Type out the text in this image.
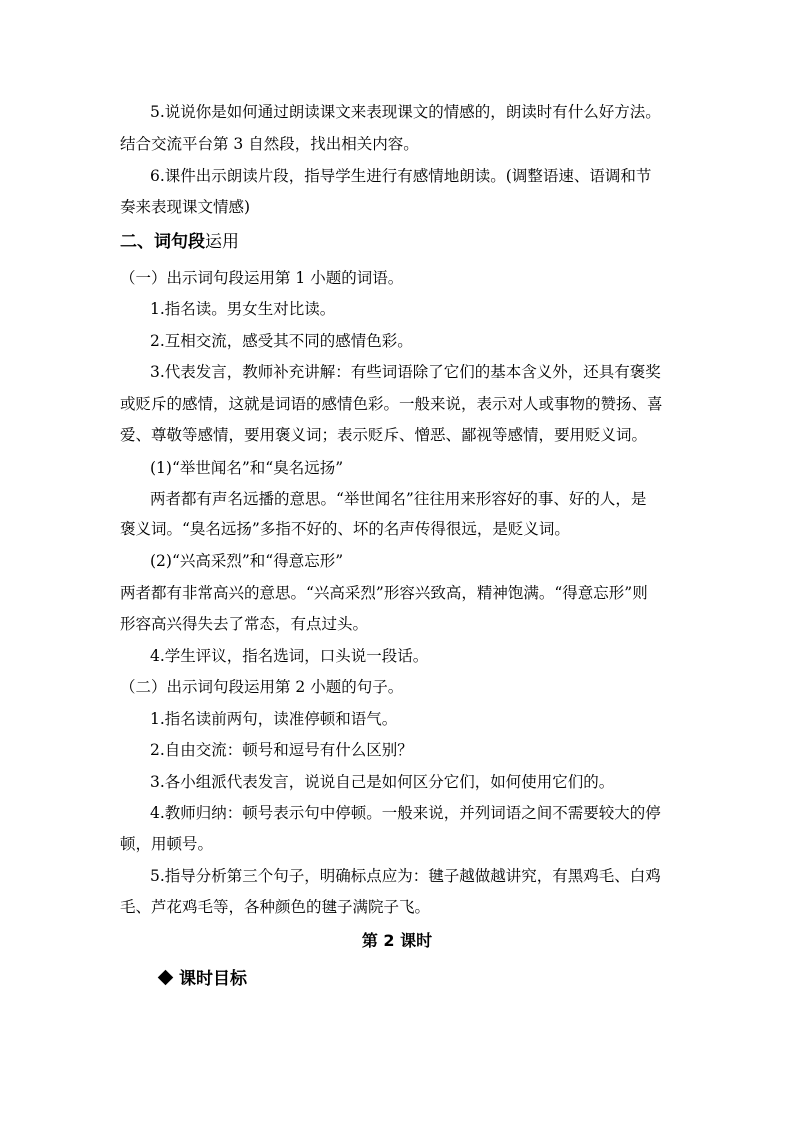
5.说说你是如何通过朗读课文来表现课文的情感的，朗读时有什么好方法。
结合交流平台第 3 自然段，找出相关内容。
6.课件出示朗读片段，指导学生进行有感情地朗读。(调整语速、语调和节
奏来表现课文情感)
二、词句段运用
（一）出示词句段运用第 1 小题的词语。
1.指名读。男女生对比读。
2.互相交流，感受其不同的感情色彩。
3.代表发言，教师补充讲解：有些词语除了它们的基本含义外，还具有褒奖
或贬斥的感情，这就是词语的感情色彩。一般来说，表示对人或事物的赞扬、喜
爱、尊敬等感情，要用褒义词；表示贬斥、憎恶、鄙视等感情，要用贬义词。
(1)“举世闻名”和“臭名远扬”
两者都有声名远播的意思。“举世闻名”往往用来形容好的事、好的人，是
褒义词。“臭名远扬”多指不好的、坏的名声传得很远，是贬义词。
(2)“兴高采烈”和“得意忘形”
两者都有非常高兴的意思。“兴高采烈”形容兴致高，精神饱满。“得意忘形”则
形容高兴得失去了常态，有点过头。
4.学生评议，指名选词，口头说一段话。
（二）出示词句段运用第 2 小题的句子。
1.指名读前两句，读准停顿和语气。
2.自由交流：顿号和逗号有什么区别？
3.各小组派代表发言，说说自己是如何区分它们，如何使用它们的。
4.教师归纳：顿号表示句中停顿。一般来说，并列词语之间不需要较大的停
顿，用顿号。
5.指导分析第三个句子，明确标点应为：毽子越做越讲究，有黑鸡毛、白鸡
毛、芦花鸡毛等，各种颜色的毽子满院子飞。
第 2 课时
课时目标
